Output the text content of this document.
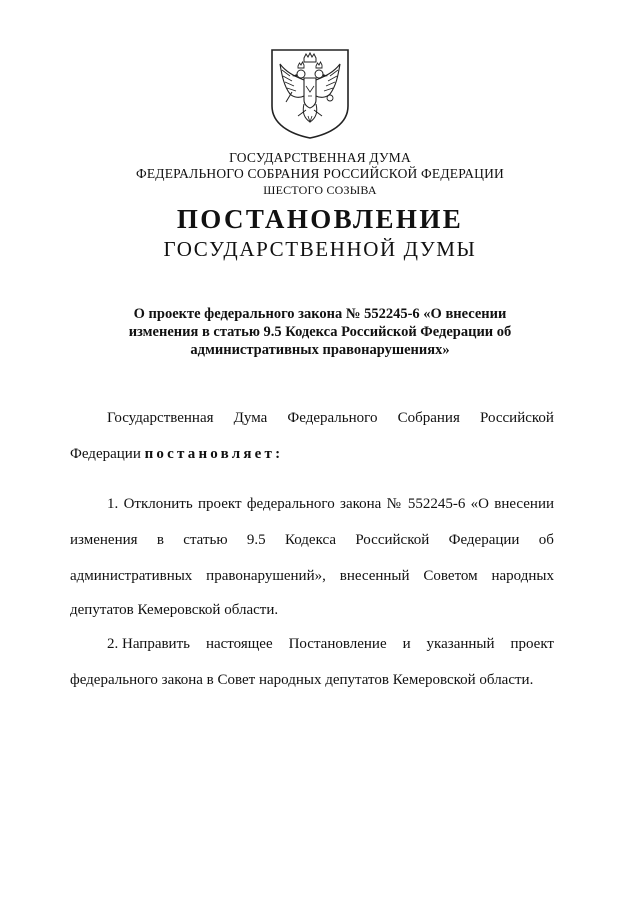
ГОСУДАРСТВЕННАЯ ДУМА
ФЕДЕРАЛЬНОГО СОБРАНИЯ РОССИЙСКОЙ ФЕДЕРАЦИИ
ШЕСТОГО СОЗЫВА
ПОСТАНОВЛЕНИЕ
ГОСУДАРСТВЕННОЙ ДУМЫ
О проекте федерального закона № 552245-6 «О внесении
изменения в статью 9.5 Кодекса Российской Федерации об
административных правонарушениях»
Государственная Дума Федерального Собрания Российской
Федерации постановляет:
1. Отклонить проект федерального закона № 552245-6 «О внесении
изменения в статью 9.5 Кодекса Российской Федерации об
административных правонарушений», внесенный Советом народных
депутатов Кемеровской области.
2. Направить настоящее Постановление и указанный проект
федерального закона в Совет народных депутатов Кемеровской области.
